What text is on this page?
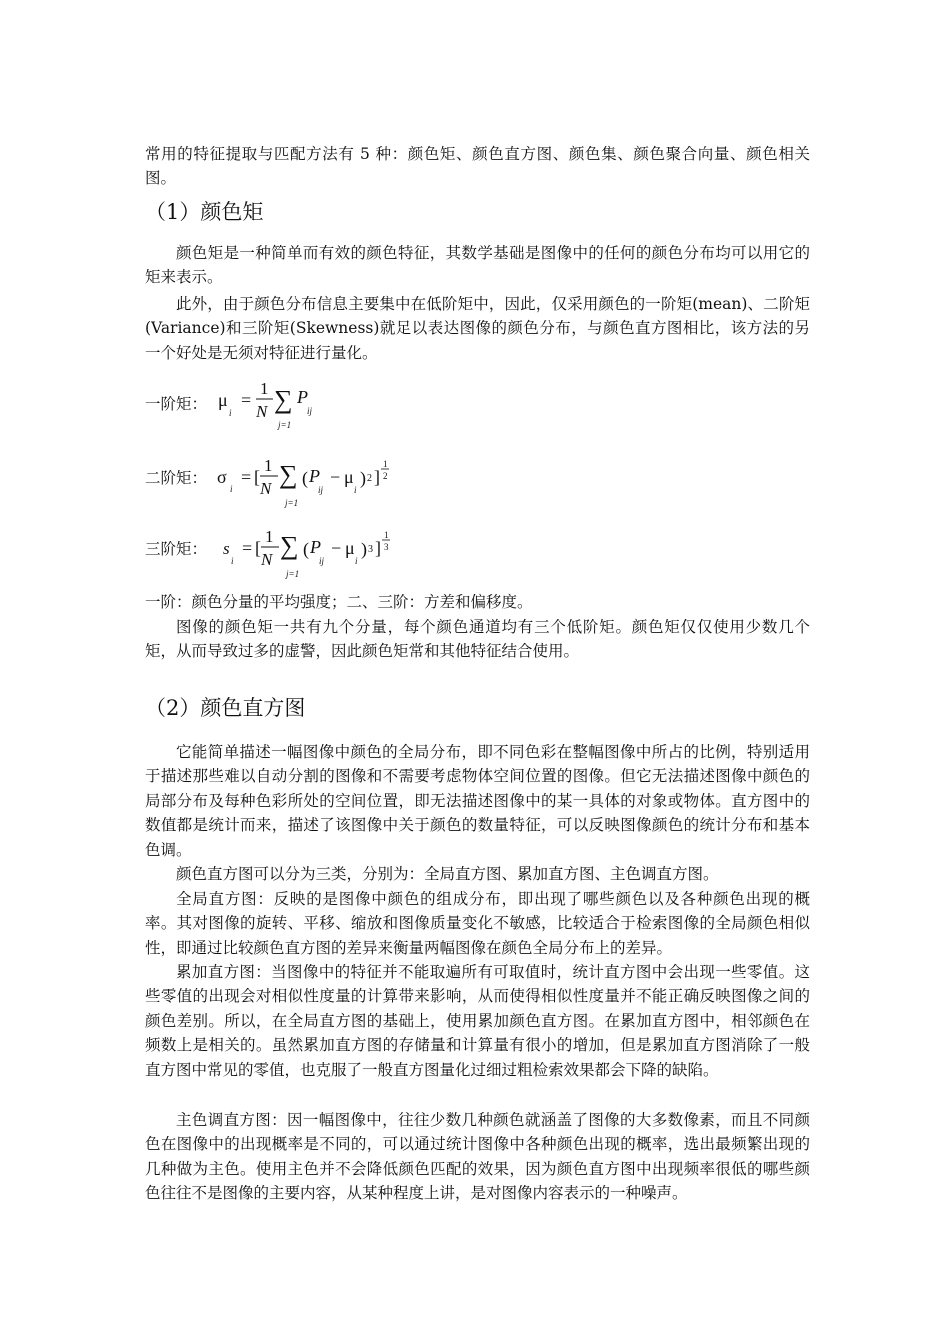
常用的特征提取与匹配方法有 5 种：颜色矩、颜色直方图、颜色集、颜色聚合向量、颜色相关图。

（1）颜色矩

颜色矩是一种简单而有效的颜色特征，其数学基础是图像中的任何的颜色分布均可以用它的矩来表示。

此外，由于颜色分布信息主要集中在低阶矩中，因此，仅采用颜色的一阶矩(mean)、二阶矩(Variance)和三阶矩(Skewness)就足以表达图像的颜色分布，与颜色直方图相比，该方法的另一个好处是无须对特征进行量化。

一阶矩： μ
i
=
1
N ∑ P
ij
j=1
二阶矩： σ
i
= [
1
N ∑ ( P
ij
− μ
i
) 2 ]
1
2
j=1
三阶矩： s
i
= [
1
N ∑ ( P
ij
− μ
i
) 3 ]
1
3
j=1

一阶：颜色分量的平均强度；二、三阶：方差和偏移度。

图像的颜色矩一共有九个分量，每个颜色通道均有三个低阶矩。颜色矩仅仅使用少数几个矩，从而导致过多的虚警，因此颜色矩常和其他特征结合使用。

（2）颜色直方图

它能简单描述一幅图像中颜色的全局分布，即不同色彩在整幅图像中所占的比例，特别适用于描述那些难以自动分割的图像和不需要考虑物体空间位置的图像。但它无法描述图像中颜色的局部分布及每种色彩所处的空间位置，即无法描述图像中的某一具体的对象或物体。直方图中的数值都是统计而来，描述了该图像中关于颜色的数量特征，可以反映图像颜色的统计分布和基本色调。

颜色直方图可以分为三类，分别为：全局直方图、累加直方图、主色调直方图。

全局直方图：反映的是图像中颜色的组成分布，即出现了哪些颜色以及各种颜色出现的概率。其对图像的旋转、平移、缩放和图像质量变化不敏感，比较适合于检索图像的全局颜色相似性，即通过比较颜色直方图的差异来衡量两幅图像在颜色全局分布上的差异。

累加直方图：当图像中的特征并不能取遍所有可取值时，统计直方图中会出现一些零值。这些零值的出现会对相似性度量的计算带来影响，从而使得相似性度量并不能正确反映图像之间的颜色差别。所以，在全局直方图的基础上，使用累加颜色直方图。在累加直方图中，相邻颜色在频数上是相关的。虽然累加直方图的存储量和计算量有很小的增加，但是累加直方图消除了一般直方图中常见的零值，也克服了一般直方图量化过细过粗检索效果都会下降的缺陷。

主色调直方图：因一幅图像中，往往少数几种颜色就涵盖了图像的大多数像素，而且不同颜色在图像中的出现概率是不同的，可以通过统计图像中各种颜色出现的概率，选出最频繁出现的几种做为主色。使用主色并不会降低颜色匹配的效果，因为颜色直方图中出现频率很低的哪些颜色往往不是图像的主要内容，从某种程度上讲，是对图像内容表示的一种噪声。
